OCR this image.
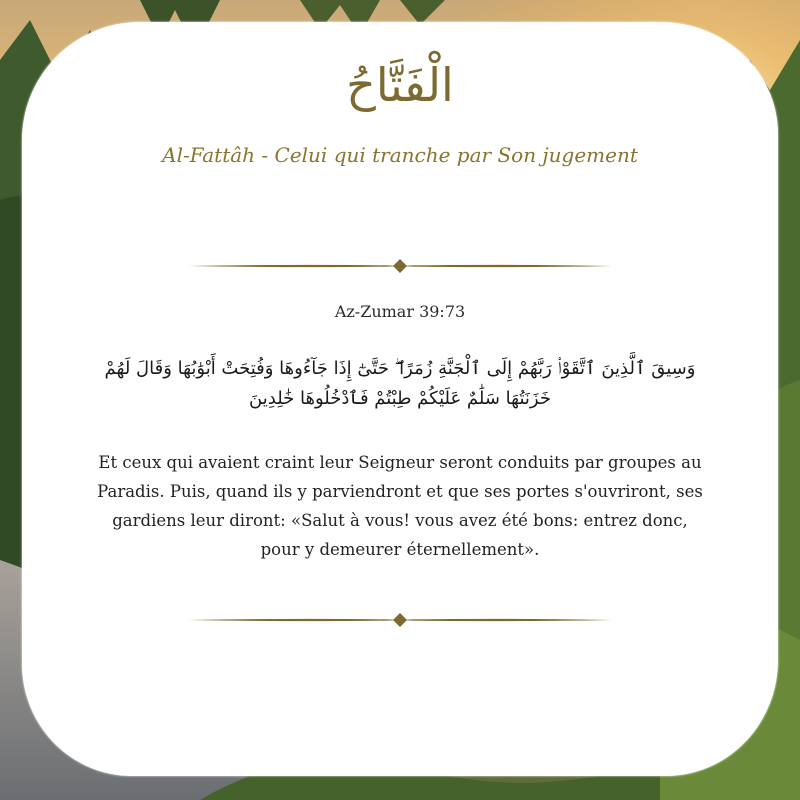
الْفَتَّاحُ
Al-Fattâh - Celui qui tranche par Son jugement
Az-Zumar 39:73
وَسِيقَ ٱلَّذِينَ ٱتَّقَوْا۟ رَبَّهُمْ إِلَى ٱلْجَنَّةِ زُمَرًا ۖ حَتَّىٰٓ إِذَا جَآءُوهَا وَفُتِحَتْ أَبْوَٰبُهَا وَقَالَ لَهُمْ خَزَنَتُهَا سَلَٰمٌ عَلَيْكُمْ طِبْتُمْ فَٱدْخُلُوهَا خَٰلِدِينَ
Et ceux qui avaient craint leur Seigneur seront conduits par groupes au Paradis. Puis, quand ils y parviendront et que ses portes s'ouvriront, ses gardiens leur diront: «Salut à vous! vous avez été bons: entrez donc, pour y demeurer éternellement».
